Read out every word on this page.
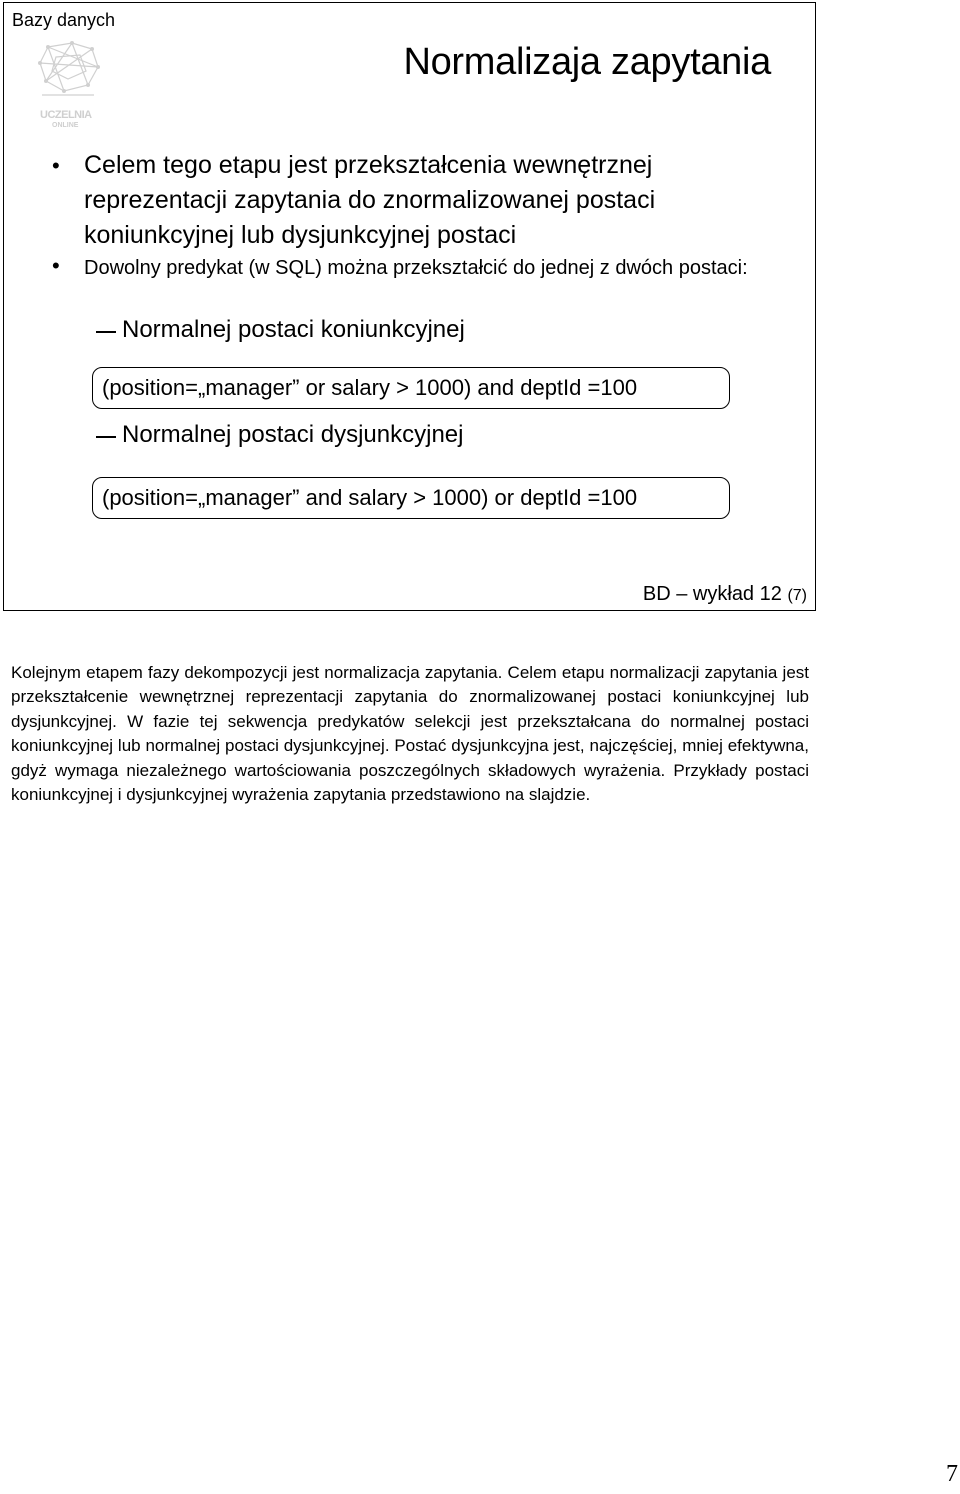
Bazy danych
UCZELNIA
ONLINE
Normalizaja zapytania
• Celem tego etapu jest przekształcenia wewnętrznej reprezentacji zapytania do znormalizowanej postaci koniunkcyjnej lub dysjunkcyjnej postaci
• Dowolny predykat (w SQL) można przekształcić do jednej z dwóch postaci:
Normalnej postaci koniunkcyjnej
(position=„manager” or salary > 1000) and deptId =100
Normalnej postaci dysjunkcyjnej
(position=„manager” and salary > 1000) or deptId =100
BD – wykład 12 (7)
Kolejnym etapem fazy dekompozycji jest normalizacja zapytania. Celem etapu normalizacji zapytania jest przekształcenie wewnętrznej reprezentacji zapytania do znormalizowanej postaci koniunkcyjnej lub dysjunkcyjnej. W fazie tej sekwencja predykatów selekcji jest przekształcana do normalnej postaci koniunkcyjnej lub normalnej postaci dysjunkcyjnej. Postać dysjunkcyjna jest, najczęściej, mniej efektywna, gdyż wymaga niezależnego wartościowania poszczególnych składowych wyrażenia. Przykłady postaci koniunkcyjnej i dysjunkcyjnej wyrażenia zapytania przedstawiono na slajdzie.
7
